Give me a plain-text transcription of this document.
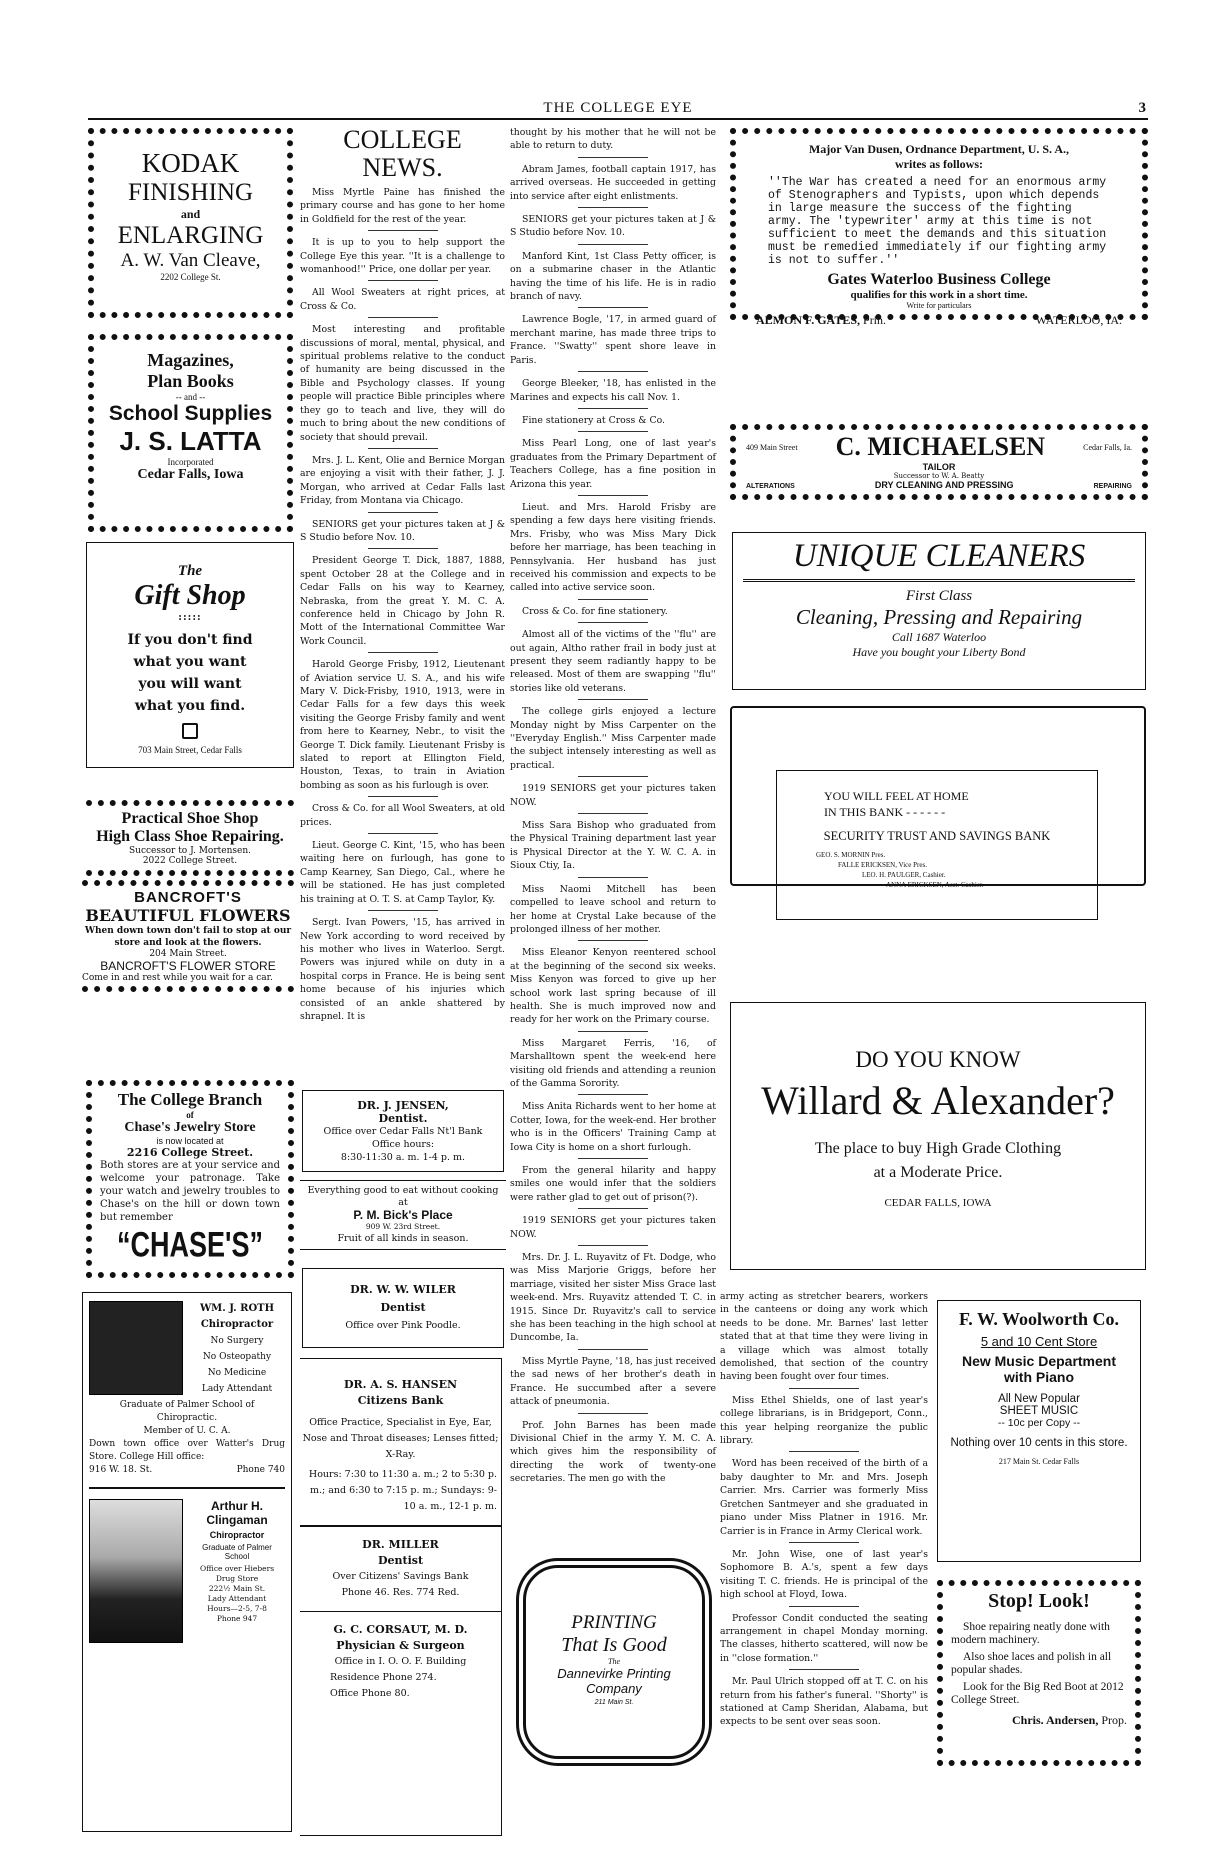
THE COLLEGE EYE	3
KODAK
FINISHING
and
ENLARGING
A. W. Van Cleave,
2202 College St.
Magazines,
Plan Books
-- and --
School Supplies
J. S. LATTA
Incorporated
Cedar Falls, Iowa
The
Gift Shop
:::::
If you don't find
what you want
you will want
what you find.
703 Main Street, Cedar Falls
Practical Shoe Shop
High Class Shoe Repairing.
Successor to J. Mortensen.
2022 College Street.
BANCROFT'S
BEAUTIFUL FLOWERS
When down town don't fail to stop at our store and look at the flowers.
204 Main Street.
BANCROFT'S FLOWER STORE
Come in and rest while you wait for a car.
The College Branch
of
Chase's Jewelry Store
is now located at
2216 College Street.
Both stores are at your service and welcome your patronage. Take your watch and jewelry troubles to Chase's on the hill or down town but remember
“CHASE'S”
WM. J. ROTH
Chiropractor
No Surgery
No Osteopathy
No Medicine
Lady Attendant
Graduate of Palmer School of Chiropractic.
Member of U. C. A.
Down town office over Watter's Drug Store. College Hill office:
916 W. 18. St.	Phone 740
Arthur H.
Clingaman
Chiropractor
Graduate of Palmer School
Office over Hiebers
Drug Store
222½ Main St.
Lady Attendant
Hours—2-5, 7-8
Phone 947
COLLEGE NEWS.

Miss Myrtle Paine has finished the primary course and has gone to her home in Goldfield for the rest of the year.

It is up to you to help support the College Eye this year. ''It is a challenge to womanhood!'' Price, one dollar per year.

All Wool Sweaters at right prices, at Cross & Co.

Most interesting and profitable discussions of moral, mental, physical, and spiritual problems relative to the conduct of humanity are being discussed in the Bible and Psychology classes. If young people will practice Bible principles where they go to teach and live, they will do much to bring about the new conditions of society that should prevail.

Mrs. J. L. Kent, Olie and Bernice Morgan are enjoying a visit with their father, J. J. Morgan, who arrived at Cedar Falls last Friday, from Montana via Chicago.

SENIORS get your pictures taken at J & S Studio before Nov. 10.

President George T. Dick, 1887, 1888, spent October 28 at the College and in Cedar Falls on his way to Kearney, Nebraska, from the great Y. M. C. A. conference held in Chicago by John R. Mott of the International Committee War Work Council.

Harold George Frisby, 1912, Lieutenant of Aviation service U. S. A., and his wife Mary V. Dick-Frisby, 1910, 1913, were in Cedar Falls for a few days this week visiting the George Frisby family and went from here to Kearney, Nebr., to visit the George T. Dick family. Lieutenant Frisby is slated to report at Ellington Field, Houston, Texas, to train in Aviation bombing as soon as his furlough is over.

Cross & Co. for all Wool Sweaters, at old prices.

Lieut. George C. Kint, '15, who has been waiting here on furlough, has gone to Camp Kearney, San Diego, Cal., where he will be stationed. He has just completed his training at O. T. S. at Camp Taylor, Ky.

Sergt. Ivan Powers, '15, has arrived in New York according to word received by his mother who lives in Waterloo. Sergt. Powers was injured while on duty in a hospital corps in France. He is being sent home because of his injuries which consisted of an ankle shattered by shrapnel. It is

DR. J. JENSEN,
Dentist.
Office over Cedar Falls Nt'l Bank
Office hours:
8:30-11:30 a. m. 1-4 p. m.
Everything good to eat without cooking
at
P. M. Bick's Place
909 W. 23rd Street.
Fruit of all kinds in season.
DR. W. W. WILER
Dentist
Office over Pink Poodle.
DR. A. S. HANSEN
Citizens Bank
Office Practice, Specialist in Eye, Ear, Nose and Throat diseases; Lenses fitted; X-Ray.
Hours: 7:30 to 11:30 a. m.; 2 to 5:30 p. m.; and 6:30 to 7:15 p. m.; Sundays: 9-10 a. m., 12-1 p. m.
DR. MILLER
Dentist
Over Citizens' Savings Bank
Phone 46. Res. 774 Red.
G. C. CORSAUT, M. D.
Physician & Surgeon
Office in I. O. O. F. Building
Residence Phone 274.
Office Phone 80.

thought by his mother that he will not be able to return to duty.

Abram James, football captain 1917, has arrived overseas. He succeeded in getting into service after eight enlistments.

SENIORS get your pictures taken at J & S Studio before Nov. 10.

Manford Kint, 1st Class Petty officer, is on a submarine chaser in the Atlantic having the time of his life. He is in radio branch of navy.

Lawrence Bogle, '17, in armed guard of merchant marine, has made three trips to France. ''Swatty'' spent shore leave in Paris.

George Bleeker, '18, has enlisted in the Marines and expects his call Nov. 1.

Fine stationery at Cross & Co.

Miss Pearl Long, one of last year's graduates from the Primary Department of Teachers College, has a fine position in Arizona this year.

Lieut. and Mrs. Harold Frisby are spending a few days here visiting friends. Mrs. Frisby, who was Miss Mary Dick before her marriage, has been teaching in Pennsylvania. Her husband has just received his commission and expects to be called into active service soon.

Cross & Co. for fine stationery.

Almost all of the victims of the ''flu'' are out again, Altho rather frail in body just at present they seem radiantly happy to be released. Most of them are swapping ''flu'' stories like old veterans.

The college girls enjoyed a lecture Monday night by Miss Carpenter on the ''Everyday English.'' Miss Carpenter made the subject intensely interesting as well as practical.

1919 SENIORS get your pictures taken NOW.

Miss Sara Bishop who graduated from the Physical Training department last year is Physical Director at the Y. W. C. A. in Sioux Ctiy, Ia.

Miss Naomi Mitchell has been compelled to leave school and return to her home at Crystal Lake because of the prolonged illness of her mother.

Miss Eleanor Kenyon reentered school at the beginning of the second six weeks. Miss Kenyon was forced to give up her school work last spring because of ill health. She is much improved now and ready for her work on the Primary course.

Miss Margaret Ferris, '16, of Marshalltown spent the week-end here visiting old friends and attending a reunion of the Gamma Sorority.

Miss Anita Richards went to her home at Cotter, Iowa, for the week-end. Her brother who is in the Officers' Training Camp at Iowa City is home on a short furlough.

From the general hilarity and happy smiles one would infer that the soldiers were rather glad to get out of prison(?).

1919 SENIORS get your pictures taken NOW.

Mrs. Dr. J. L. Ruyavitz of Ft. Dodge, who was Miss Marjorie Griggs, before her marriage, visited her sister Miss Grace last week-end. Mrs. Ruyavitz attended T. C. in 1915. Since Dr. Ruyavitz's call to service she has been teaching in the high school at Duncombe, Ia.

Miss Myrtle Payne, '18, has just received the sad news of her brother's death in France. He succumbed after a severe attack of pneumonia.

Prof. John Barnes has been made Divisional Chief in the army Y. M. C. A. which gives him the responsibility of directing the work of twenty-one secretaries. The men go with the

PRINTING
That Is Good
The
Dannevirke Printing
Company
211 Main St.
Major Van Dusen, Ordnance Department, U. S. A.,
writes as follows:
''The War has created a need for an enormous army of Stenographers and Typists, upon which depends in large measure the success of the fighting army. The 'typewriter' army at this time is not sufficient to meet the demands and this situation must be remedied immediately if our fighting army is not to suffer.''
Gates Waterloo Business College
qualifies for this work in a short time.
Write for particulars
ALMON F. GATES, Prin.	WATERLOO, IA.
409 Main Street C. MICHAELSEN	Cedar Falls, Ia.
TAILOR
Successor to W. A. Beatty
ALTERATIONS	DRY CLEANING AND PRESSING	REPAIRING
UNIQUE CLEANERS
First Class
Cleaning, Pressing and Repairing
Call 1687 Waterloo
Have you bought your Liberty Bond
YOU WILL FEEL AT HOME
IN THIS BANK - - - - - -
SECURITY TRUST AND SAVINGS BANK
GEO. S. MORNIN Pres.
FALLE ERICKSEN, Vice Pres.
LEO. H. PAULGER, Cashier.
ANNA ERICKSEN, Asst. Cashier.
DO YOU KNOW
Willard & Alexander?
The place to buy High Grade Clothing
at a Moderate Price.
CEDAR FALLS, IOWA

army acting as stretcher bearers, workers in the canteens or doing any work which needs to be done. Mr. Barnes' last letter stated that at that time they were living in a village which was almost totally demolished, that section of the country having been fought over four times.

Miss Ethel Shields, one of last year's college librarians, is in Bridgeport, Conn., this year helping reorganize the public library.

Word has been received of the birth of a baby daughter to Mr. and Mrs. Joseph Carrier. Mrs. Carrier was formerly Miss Gretchen Santmeyer and she graduated in piano under Miss Platner in 1916. Mr. Carrier is in France in Army Clerical work.

Mr. John Wise, one of last year's Sophomore B. A.'s, spent a few days visiting T. C. friends. He is principal of the high school at Floyd, Iowa.

Professor Condit conducted the seating arrangement in chapel Monday morning. The classes, hitherto scattered, will now be in ''close formation.''

Mr. Paul Ulrich stopped off at T. C. on his return from his father's funeral. ''Shorty'' is stationed at Camp Sheridan, Alabama, but expects to be sent over seas soon.

F. W. Woolworth Co.
5 and 10 Cent Store
New Music Department
with Piano
All New Popular
SHEET MUSIC
-- 10c per Copy --
Nothing over 10 cents in this store.
217 Main St. Cedar Falls
Stop! Look!
Shoe repairing neatly done with modern machinery.
Also shoe laces and polish in all popular shades.
Look for the Big Red Boot at 2012 College Street.
Chris. Andersen, Prop.
